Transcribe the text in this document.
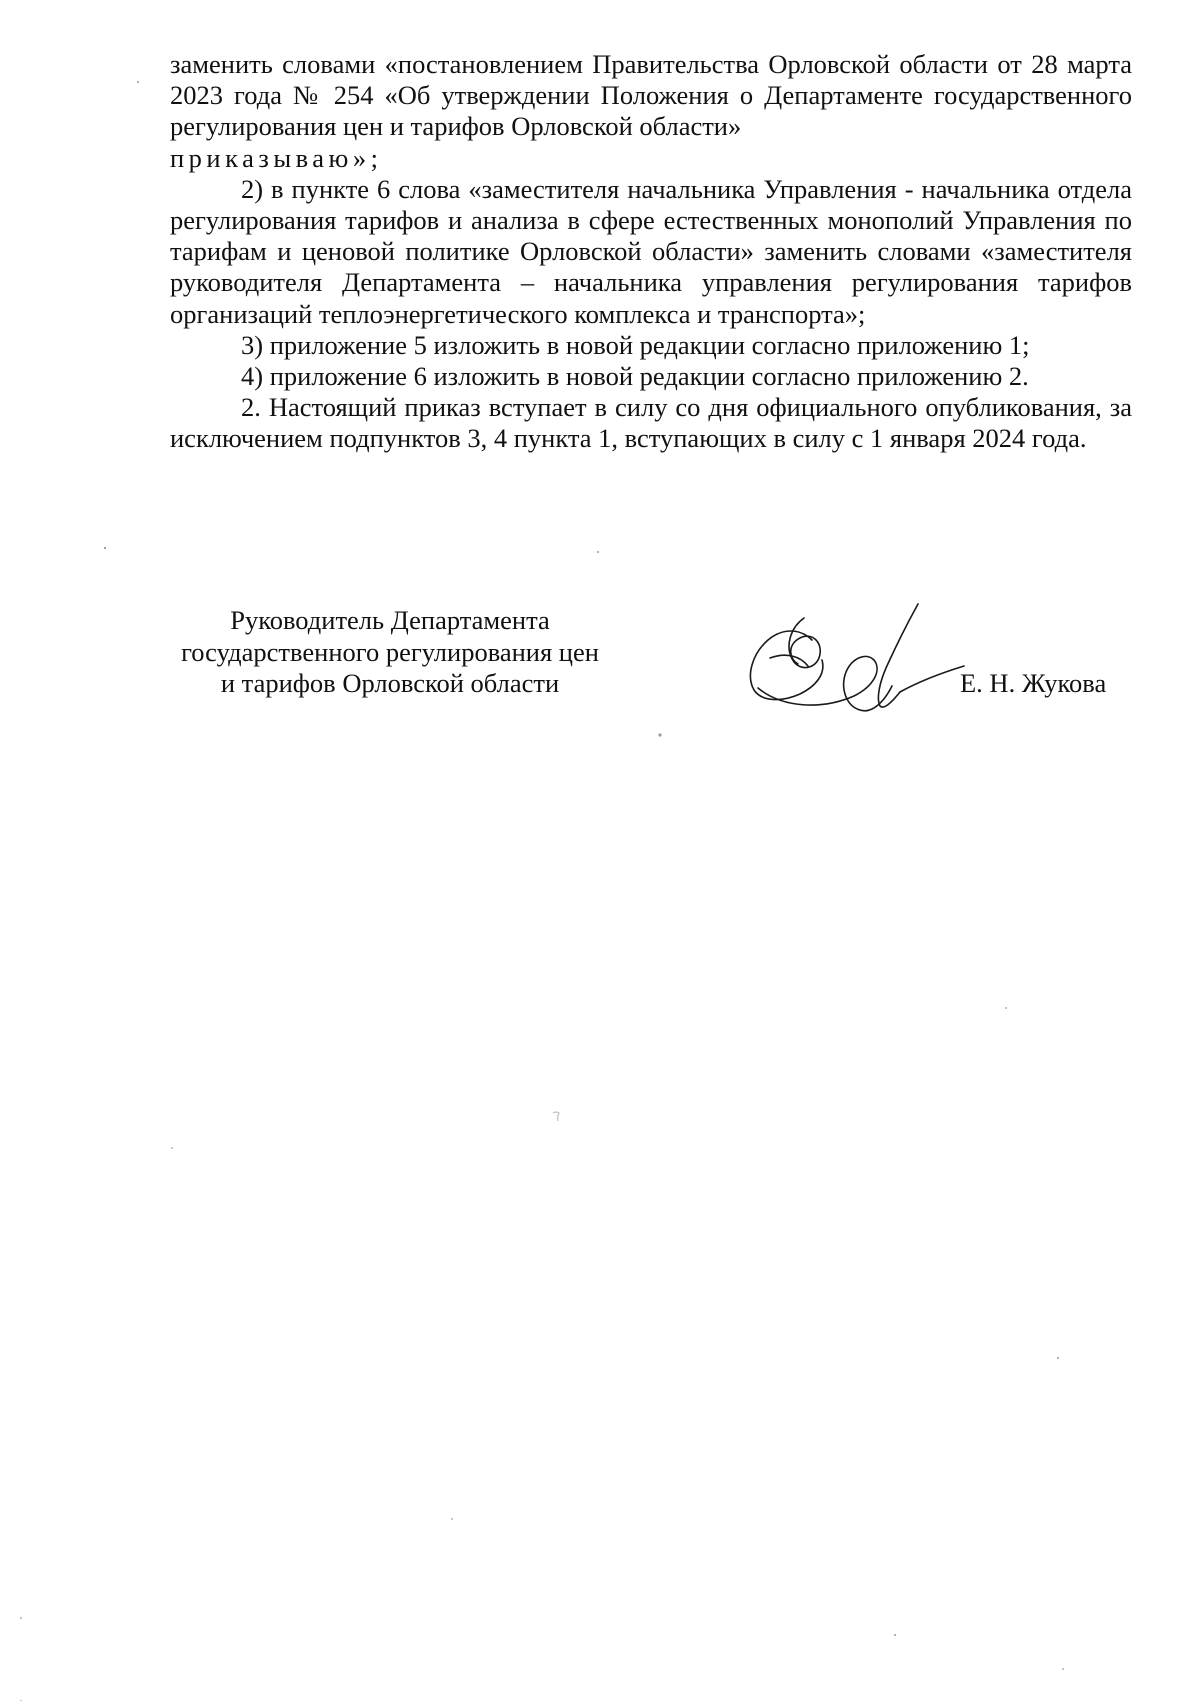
заменить словами «постановлением Правительства Орловской области от 28 марта 2023 года № 254 «Об утверждении Положения о Департаменте государственного регулирования цен и тарифов Орловской области»
приказываю»;

2) в пункте 6 слова «заместителя начальника Управления - начальника отдела регулирования тарифов и анализа в сфере естественных монополий Управления по тарифам и ценовой политике Орловской области» заменить словами «заместителя руководителя Департамента – начальника управления регулирования тарифов организаций теплоэнергетического комплекса и транспорта»;

3) приложение 5 изложить в новой редакции согласно приложению 1;

4) приложение 6 изложить в новой редакции согласно приложению 2.

2. Настоящий приказ вступает в силу со дня официального опубликования, за исключением подпунктов 3, 4 пункта 1, вступающих в силу с 1 января 2024 года.

Руководитель Департамента
государственного регулирования цен
и тарифов Орловской области	Е. Н. Жукова
